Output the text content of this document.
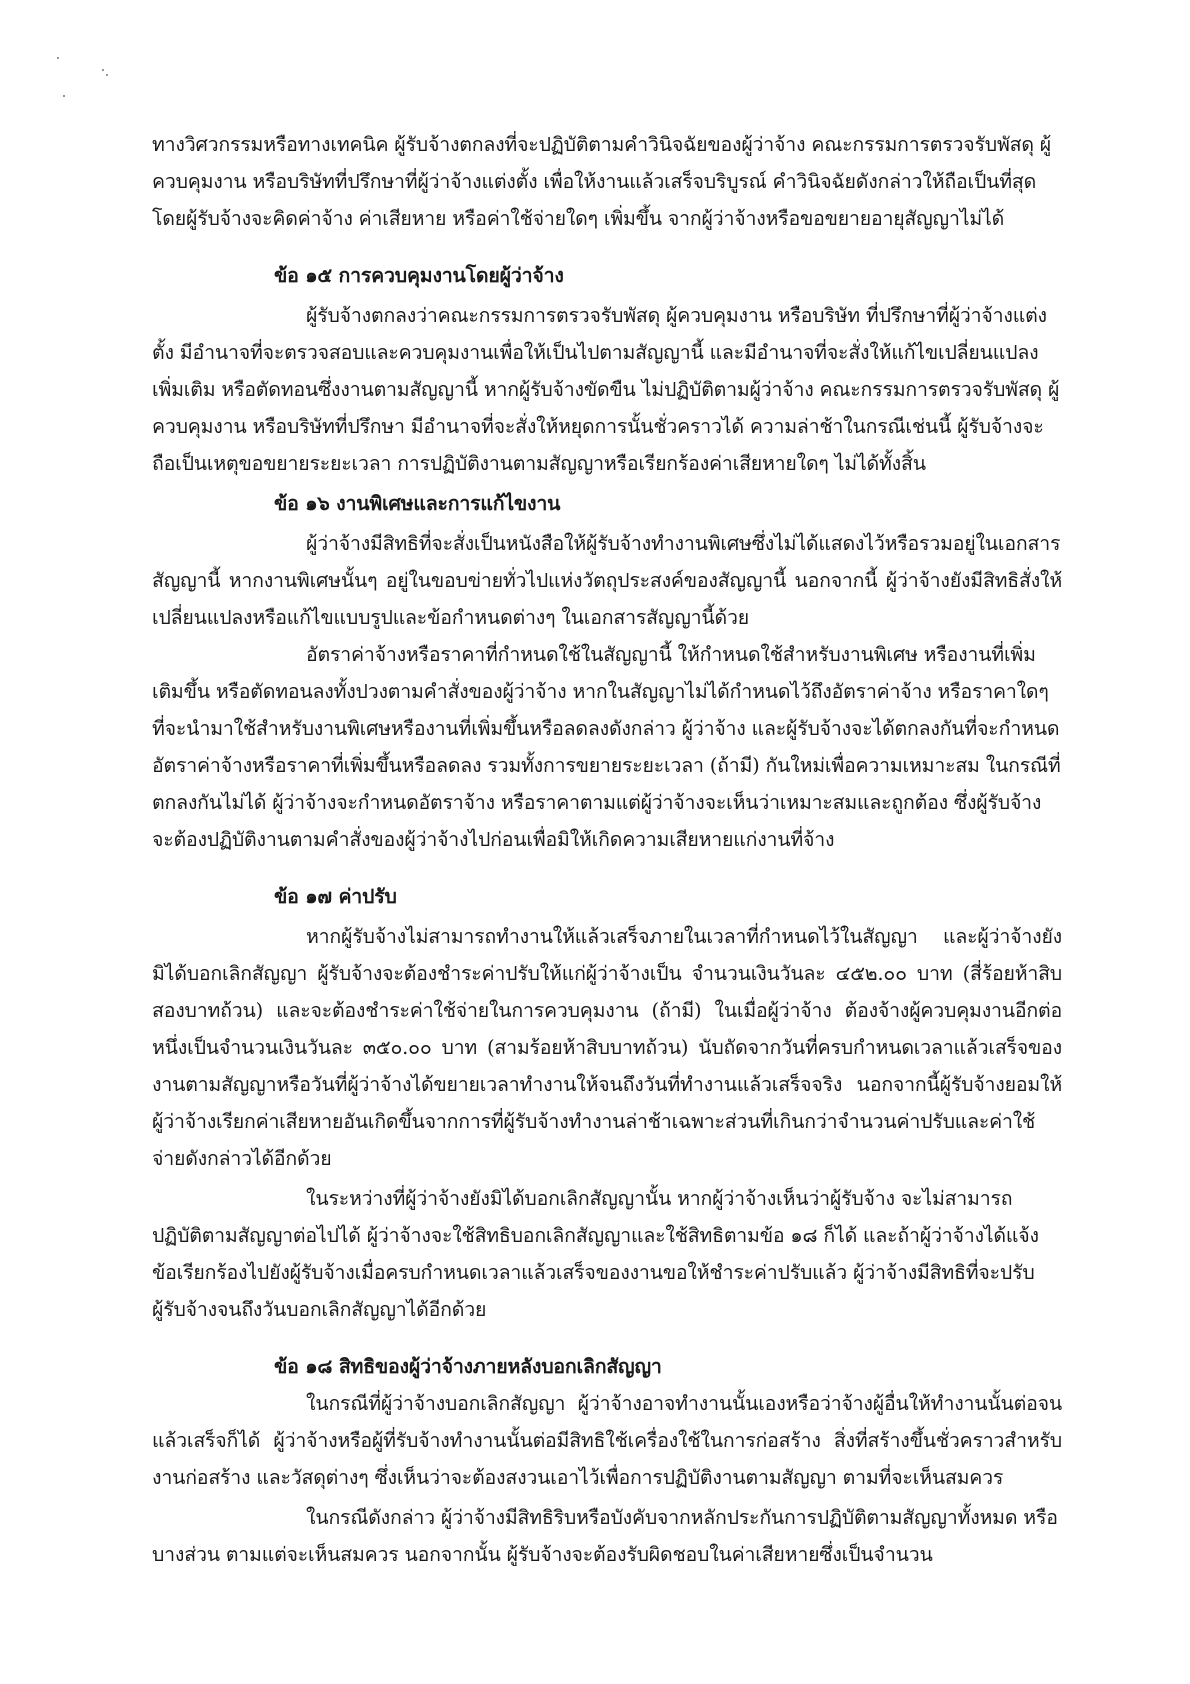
ทางวิศวกรรมหรือทางเทคนิค ผู้รับจ้างตกลงที่จะปฏิบัติตามคำวินิจฉัยของผู้ว่าจ้าง คณะกรรมการตรวจรับพัสดุ ผู้ควบคุมงาน หรือบริษัทที่ปรึกษาที่ผู้ว่าจ้างแต่งตั้ง เพื่อให้งานแล้วเสร็จบริบูรณ์ คำวินิจฉัยดังกล่าวให้ถือเป็นที่สุด โดยผู้รับจ้างจะคิดค่าจ้าง ค่าเสียหาย หรือค่าใช้จ่ายใดๆ เพิ่มขึ้น จากผู้ว่าจ้างหรือขอขยายอายุสัญญาไม่ได้

ข้อ ๑๕ การควบคุมงานโดยผู้ว่าจ้าง

ผู้รับจ้างตกลงว่าคณะกรรมการตรวจรับพัสดุ ผู้ควบคุมงาน หรือบริษัท ที่ปรึกษาที่ผู้ว่าจ้างแต่งตั้ง มีอำนาจที่จะตรวจสอบและควบคุมงานเพื่อให้เป็นไปตามสัญญานี้ และมีอำนาจที่จะสั่งให้แก้ไขเปลี่ยนแปลงเพิ่มเติม หรือตัดทอนซึ่งงานตามสัญญานี้ หากผู้รับจ้างขัดขืน ไม่ปฏิบัติตามผู้ว่าจ้าง คณะกรรมการตรวจรับพัสดุ ผู้ควบคุมงาน หรือบริษัทที่ปรึกษา มีอำนาจที่จะสั่งให้หยุดการนั้นชั่วคราวได้ ความล่าช้าในกรณีเช่นนี้ ผู้รับจ้างจะถือเป็นเหตุขอขยายระยะเวลา การปฏิบัติงานตามสัญญาหรือเรียกร้องค่าเสียหายใดๆ ไม่ได้ทั้งสิ้น

ข้อ ๑๖ งานพิเศษและการแก้ไขงาน

ผู้ว่าจ้างมีสิทธิที่จะสั่งเป็นหนังสือให้ผู้รับจ้างทำงานพิเศษซึ่งไม่ได้แสดงไว้หรือรวมอยู่ในเอกสารสัญญานี้ หากงานพิเศษนั้นๆ อยู่ในขอบข่ายทั่วไปแห่งวัตถุประสงค์ของสัญญานี้ นอกจากนี้ ผู้ว่าจ้างยังมีสิทธิสั่งให้เปลี่ยนแปลงหรือแก้ไขแบบรูปและข้อกำหนดต่างๆ ในเอกสารสัญญานี้ด้วย

อัตราค่าจ้างหรือราคาที่กำหนดใช้ในสัญญานี้ ให้กำหนดใช้สำหรับงานพิเศษ หรืองานที่เพิ่มเติมขึ้น หรือตัดทอนลงทั้งปวงตามคำสั่งของผู้ว่าจ้าง หากในสัญญาไม่ได้กำหนดไว้ถึงอัตราค่าจ้าง หรือราคาใดๆ ที่จะนำมาใช้สำหรับงานพิเศษหรืองานที่เพิ่มขึ้นหรือลดลงดังกล่าว ผู้ว่าจ้าง และผู้รับจ้างจะได้ตกลงกันที่จะกำหนดอัตราค่าจ้างหรือราคาที่เพิ่มขึ้นหรือลดลง รวมทั้งการขยายระยะเวลา (ถ้ามี) กันใหม่เพื่อความเหมาะสม ในกรณีที่ตกลงกันไม่ได้ ผู้ว่าจ้างจะกำหนดอัตราจ้าง หรือราคาตามแต่ผู้ว่าจ้างจะเห็นว่าเหมาะสมและถูกต้อง ซึ่งผู้รับจ้างจะต้องปฏิบัติงานตามคำสั่งของผู้ว่าจ้างไปก่อนเพื่อมิให้เกิดความเสียหายแก่งานที่จ้าง

ข้อ ๑๗ ค่าปรับ

หากผู้รับจ้างไม่สามารถทำงานให้แล้วเสร็จภายในเวลาที่กำหนดไว้ในสัญญา และผู้ว่าจ้างยังมิได้บอกเลิกสัญญา ผู้รับจ้างจะต้องชำระค่าปรับให้แก่ผู้ว่าจ้างเป็น จำนวนเงินวันละ ๔๕๒.๐๐ บาท (สี่ร้อยห้าสิบสองบาทถ้วน) และจะต้องชำระค่าใช้จ่ายในการควบคุมงาน (ถ้ามี) ในเมื่อผู้ว่าจ้าง ต้องจ้างผู้ควบคุมงานอีกต่อหนึ่งเป็นจำนวนเงินวันละ ๓๕๐.๐๐ บาท (สามร้อยห้าสิบบาทถ้วน) นับถัดจากวันที่ครบกำหนดเวลาแล้วเสร็จของงานตามสัญญาหรือวันที่ผู้ว่าจ้างได้ขยายเวลาทำงานให้จนถึงวันที่ทำงานแล้วเสร็จจริง นอกจากนี้ผู้รับจ้างยอมให้ผู้ว่าจ้างเรียกค่าเสียหายอันเกิดขึ้นจากการที่ผู้รับจ้างทำงานล่าช้าเฉพาะส่วนที่เกินกว่าจำนวนค่าปรับและค่าใช้จ่ายดังกล่าวได้อีกด้วย

ในระหว่างที่ผู้ว่าจ้างยังมิได้บอกเลิกสัญญานั้น หากผู้ว่าจ้างเห็นว่าผู้รับจ้าง จะไม่สามารถปฏิบัติตามสัญญาต่อไปได้ ผู้ว่าจ้างจะใช้สิทธิบอกเลิกสัญญาและใช้สิทธิตามข้อ ๑๘ ก็ได้ และถ้าผู้ว่าจ้างได้แจ้งข้อเรียกร้องไปยังผู้รับจ้างเมื่อครบกำหนดเวลาแล้วเสร็จของงานขอให้ชำระค่าปรับแล้ว ผู้ว่าจ้างมีสิทธิที่จะปรับผู้รับจ้างจนถึงวันบอกเลิกสัญญาได้อีกด้วย

ข้อ ๑๘ สิทธิของผู้ว่าจ้างภายหลังบอกเลิกสัญญา

ในกรณีที่ผู้ว่าจ้างบอกเลิกสัญญา ผู้ว่าจ้างอาจทำงานนั้นเองหรือว่าจ้างผู้อื่นให้ทำงานนั้นต่อจนแล้วเสร็จก็ได้ ผู้ว่าจ้างหรือผู้ที่รับจ้างทำงานนั้นต่อมีสิทธิใช้เครื่องใช้ในการก่อสร้าง สิ่งที่สร้างขึ้นชั่วคราวสำหรับงานก่อสร้าง และวัสดุต่างๆ ซึ่งเห็นว่าจะต้องสงวนเอาไว้เพื่อการปฏิบัติงานตามสัญญา ตามที่จะเห็นสมควร

ในกรณีดังกล่าว ผู้ว่าจ้างมีสิทธิริบหรือบังคับจากหลักประกันการปฏิบัติตามสัญญาทั้งหมด หรือบางส่วน ตามแต่จะเห็นสมควร นอกจากนั้น ผู้รับจ้างจะต้องรับผิดชอบในค่าเสียหายซึ่งเป็นจำนวน
